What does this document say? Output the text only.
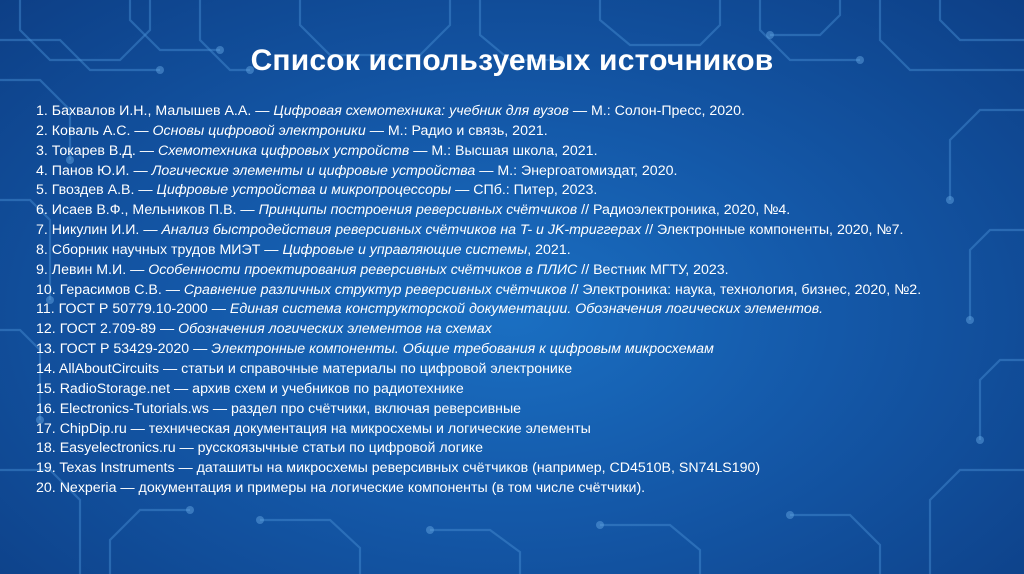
Список используемых источников
1. Бахвалов И.Н., Малышев А.А. — Цифровая схемотехника: учебник для вузов — М.: Солон-Пресс, 2020.
2. Коваль А.С. — Основы цифровой электроники — М.: Радио и связь, 2021.
3. Токарев В.Д. — Схемотехника цифровых устройств — М.: Высшая школа, 2021.
4. Панов Ю.И. — Логические элементы и цифровые устройства — М.: Энергоатомиздат, 2020.
5. Гвоздев А.В. — Цифровые устройства и микропроцессоры — СПб.: Питер, 2023.
6. Исаев В.Ф., Мельников П.В. — Принципы построения реверсивных счётчиков // Радиоэлектроника, 2020, №4.
7. Никулин И.И. — Анализ быстродействия реверсивных счётчиков на T- и JK-триггерах // Электронные компоненты, 2020, №7.
8. Сборник научных трудов МИЭТ — Цифровые и управляющие системы, 2021.
9. Левин М.И. — Особенности проектирования реверсивных счётчиков в ПЛИС // Вестник МГТУ, 2023.
10. Герасимов С.В. — Сравнение различных структур реверсивных счётчиков // Электроника: наука, технология, бизнес, 2020, №2.
11. ГОСТ Р 50779.10-2000 — Единая система конструкторской документации. Обозначения логических элементов.
12. ГОСТ 2.709-89 — Обозначения логических элементов на схемах
13. ГОСТ Р 53429-2020 — Электронные компоненты. Общие требования к цифровым микросхемам
14. AllAboutCircuits — статьи и справочные материалы по цифровой электронике
15. RadioStorage.net — архив схем и учебников по радиотехнике
16. Electronics-Tutorials.ws — раздел про счётчики, включая реверсивные
17. ChipDip.ru — техническая документация на микросхемы и логические элементы
18. Easyelectronics.ru — русскоязычные статьи по цифровой логике
19. Texas Instruments — даташиты на микросхемы реверсивных счётчиков (например, CD4510B, SN74LS190)
20. Nexperia — документация и примеры на логические компоненты (в том числе счётчики).
